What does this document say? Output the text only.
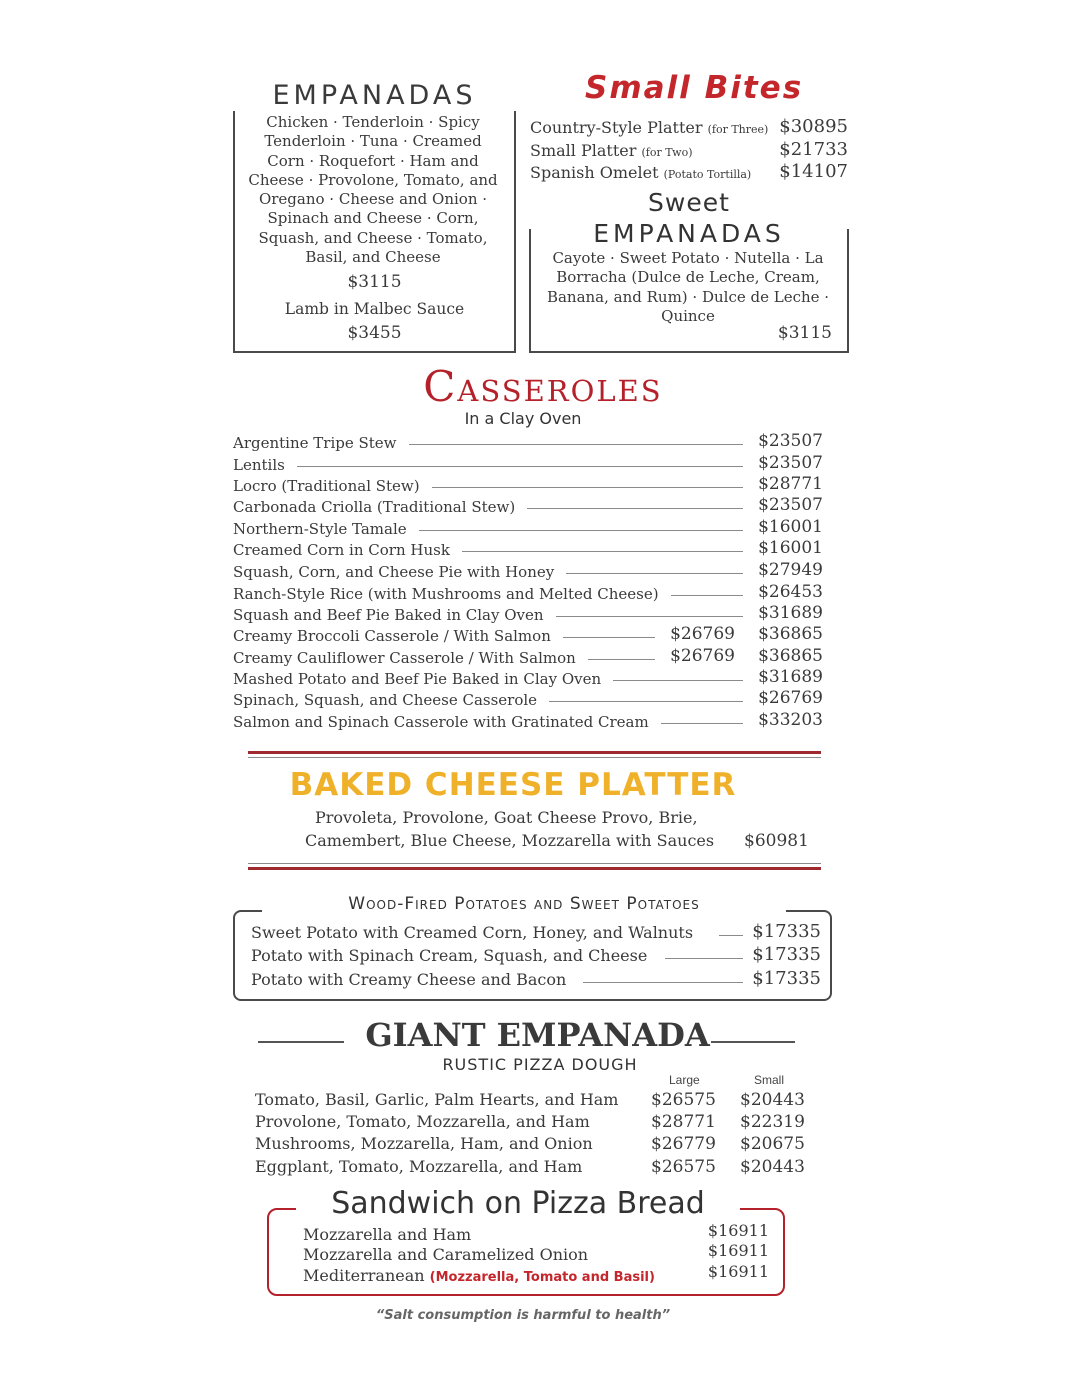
EMPANADAS
Chicken · Tenderloin · Spicy Tenderloin · Tuna · Creamed Corn · Roquefort · Ham and Cheese · Provolone, Tomato, and Oregano · Cheese and Onion · Spinach and Cheese · Corn, Squash, and Cheese · Tomato, Basil, and Cheese
$3115
Lamb in Malbec Sauce
$3455
Small Bites
Country-Style Platter (for Three) $30895
Small Platter (for Two)	$21733
Spanish Omelet (Potato Tortilla) $14107
Sweet
EMPANADAS
Cayote · Sweet Potato · Nutella · La Borracha (Dulce de Leche, Cream, Banana, and Rum) · Dulce de Leche · Quince
$3115
Casseroles
In a Clay Oven
Argentine Tripe Stew	$23507
Lentils	$23507
Locro (Traditional Stew)	$28771
Carbonada Criolla (Traditional Stew)	$23507
Northern-Style Tamale	$16001
Creamed Corn in Corn Husk	$16001
Squash, Corn, and Cheese Pie with Honey	$27949
Ranch-Style Rice (with Mushrooms and Melted Cheese)	$26453
Squash and Beef Pie Baked in Clay Oven	$31689
Creamy Broccoli Casserole / With Salmon	$26769 $36865
Creamy Cauliflower Casserole / With Salmon	$26769 $36865
Mashed Potato and Beef Pie Baked in Clay Oven	$31689
Spinach, Squash, and Cheese Casserole	$26769
Salmon and Spinach Casserole with Gratinated Cream	$33203
BAKED CHEESE PLATTER
Provoleta, Provolone, Goat Cheese Provo, Brie,
Camembert, Blue Cheese, Mozzarella with Sauces $60981
Wood-Fired Potatoes and Sweet Potatoes
Sweet Potato with Creamed Corn, Honey, and Walnuts	$17335
Potato with Spinach Cream, Squash, and Cheese	$17335
Potato with Creamy Cheese and Bacon	$17335
GIANT EMPANADA
RUSTIC PIZZA DOUGH
Large	Small
Tomato, Basil, Garlic, Palm Hearts, and Ham $26575 $20443
Provolone, Tomato, Mozzarella, and Ham	$28771 $22319
Mushrooms, Mozzarella, Ham, and Onion	$26779 $20675
Eggplant, Tomato, Mozzarella, and Ham	$26575 $20443
Sandwich on Pizza Bread
Mozzarella and Ham	$16911
Mozzarella and Caramelized Onion	$16911
Mediterranean (Mozzarella, Tomato and Basil)	$16911
“Salt consumption is harmful to health”
